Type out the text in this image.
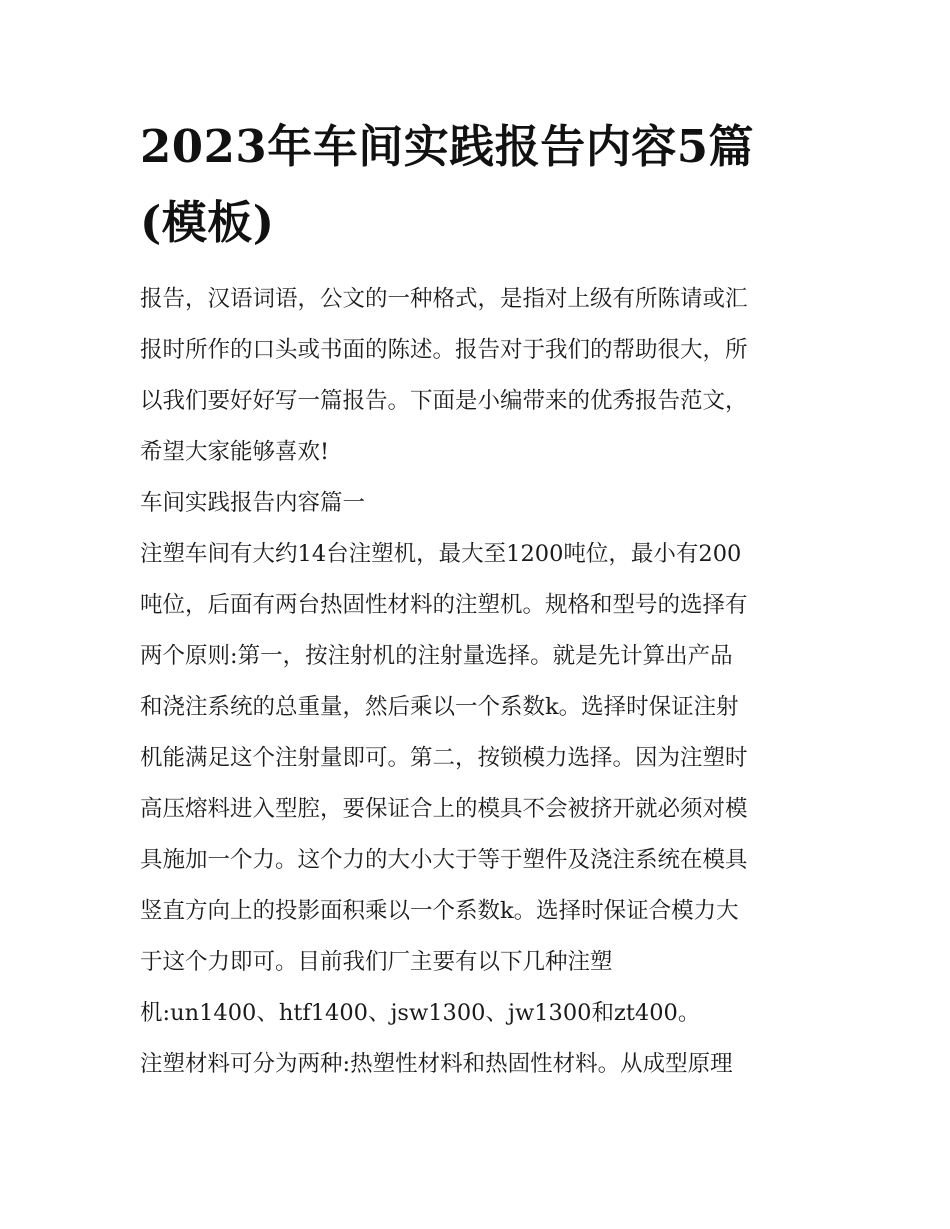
2023年车间实践报告内容5篇
(模板)

报告，汉语词语，公文的一种格式，是指对上级有所陈请或汇
报时所作的口头或书面的陈述。报告对于我们的帮助很大，所
以我们要好好写一篇报告。下面是小编带来的优秀报告范文，
希望大家能够喜欢!

车间实践报告内容篇一

注塑车间有大约14台注塑机，最大至1200吨位，最小有200
吨位，后面有两台热固性材料的注塑机。规格和型号的选择有
两个原则:第一，按注射机的注射量选择。就是先计算出产品
和浇注系统的总重量，然后乘以一个系数k。选择时保证注射
机能满足这个注射量即可。第二，按锁模力选择。因为注塑时
高压熔料进入型腔，要保证合上的模具不会被挤开就必须对模
具施加一个力。这个力的大小大于等于塑件及浇注系统在模具
竖直方向上的投影面积乘以一个系数k。选择时保证合模力大
于这个力即可。目前我们厂主要有以下几种注塑
机:un1400、htf1400、jsw1300、jw1300和zt400。

注塑材料可分为两种:热塑性材料和热固性材料。从成型原理
